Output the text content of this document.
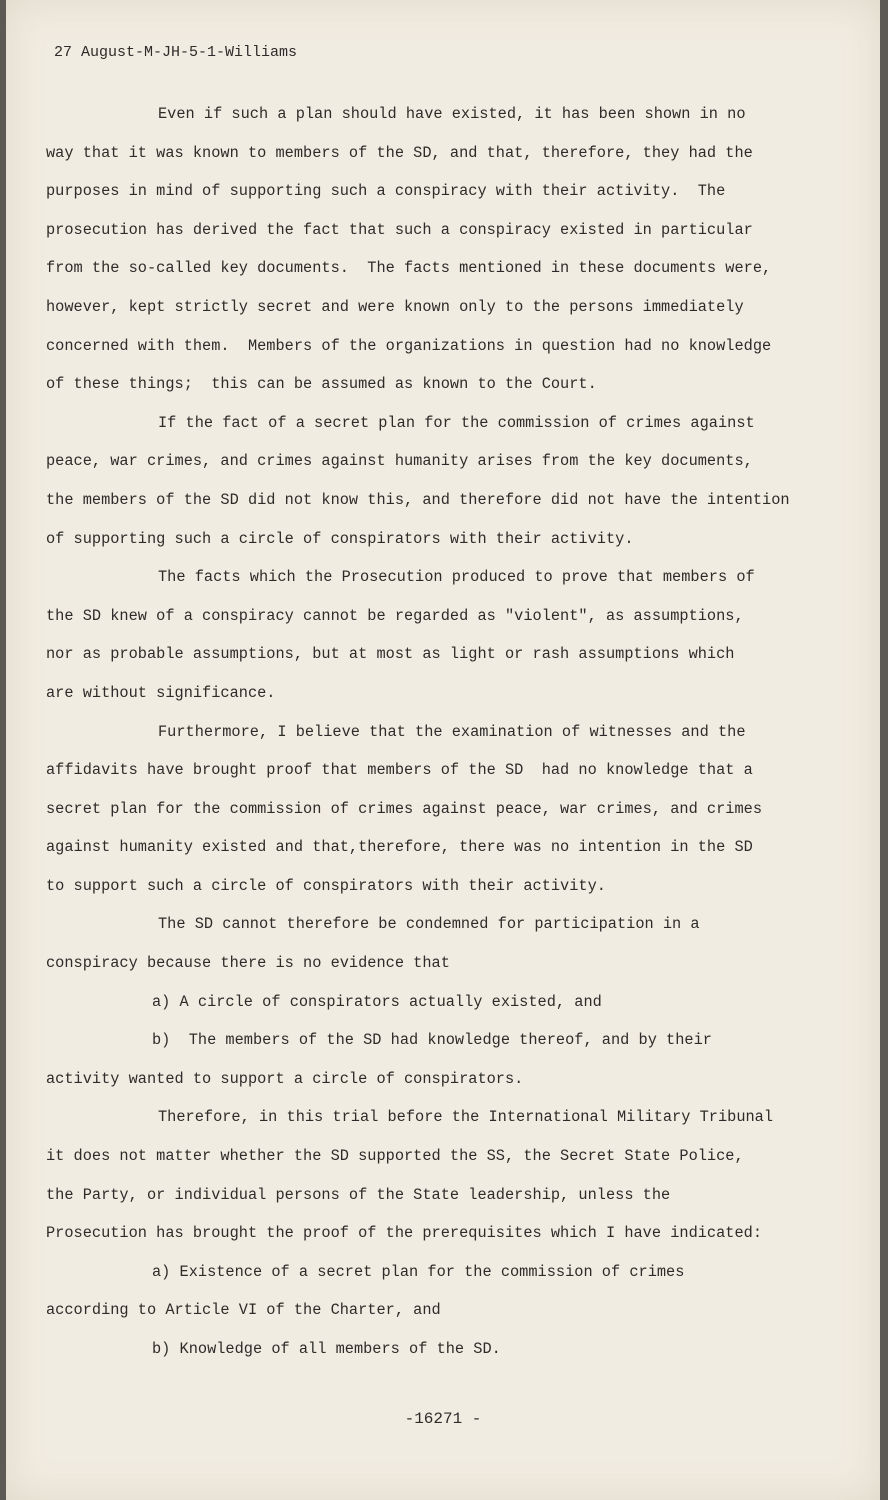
27 August-M-JH-5-1-Williams
Even if such a plan should have existed, it has been shown in no
way that it was known to members of the SD, and that, therefore, they had the
purposes in mind of supporting such a conspiracy with their activity.  The
prosecution has derived the fact that such a conspiracy existed in particular
from the so-called key documents.  The facts mentioned in these documents were,
however, kept strictly secret and were known only to the persons immediately
concerned with them.  Members of the organizations in question had no knowledge
of these things;  this can be assumed as known to the Court.
If the fact of a secret plan for the commission of crimes against
peace, war crimes, and crimes against humanity arises from the key documents,
the members of the SD did not know this, and therefore did not have the intention
of supporting such a circle of conspirators with their activity.
The facts which the Prosecution produced to prove that members of
the SD knew of a conspiracy cannot be regarded as "violent", as assumptions,
nor as probable assumptions, but at most as light or rash assumptions which
are without significance.
Furthermore, I believe that the examination of witnesses and the
affidavits have brought proof that members of the SD  had no knowledge that a
secret plan for the commission of crimes against peace, war crimes, and crimes
against humanity existed and that,therefore, there was no intention in the SD
to support such a circle of conspirators with their activity.
The SD cannot therefore be condemned for participation in a
conspiracy because there is no evidence that
a) A circle of conspirators actually existed, and
b)  The members of the SD had knowledge thereof, and by their
activity wanted to support a circle of conspirators.
Therefore, in this trial before the International Military Tribunal
it does not matter whether the SD supported the SS, the Secret State Police,
the Party, or individual persons of the State leadership, unless the
Prosecution has brought the proof of the prerequisites which I have indicated:
a) Existence of a secret plan for the commission of crimes
according to Article VI of the Charter, and
b) Knowledge of all members of the SD.
-16271 -
